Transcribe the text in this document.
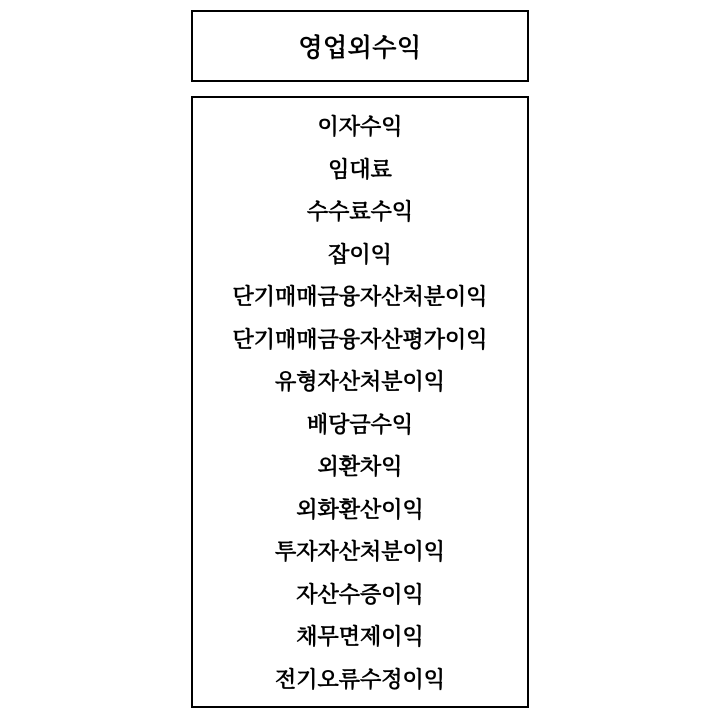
영업외수익
이자수익
임대료
수수료수익
잡이익
단기매매금융자산처분이익
단기매매금융자산평가이익
유형자산처분이익
배당금수익
외환차익
외화환산이익
투자자산처분이익
자산수증이익
채무면제이익
전기오류수정이익
